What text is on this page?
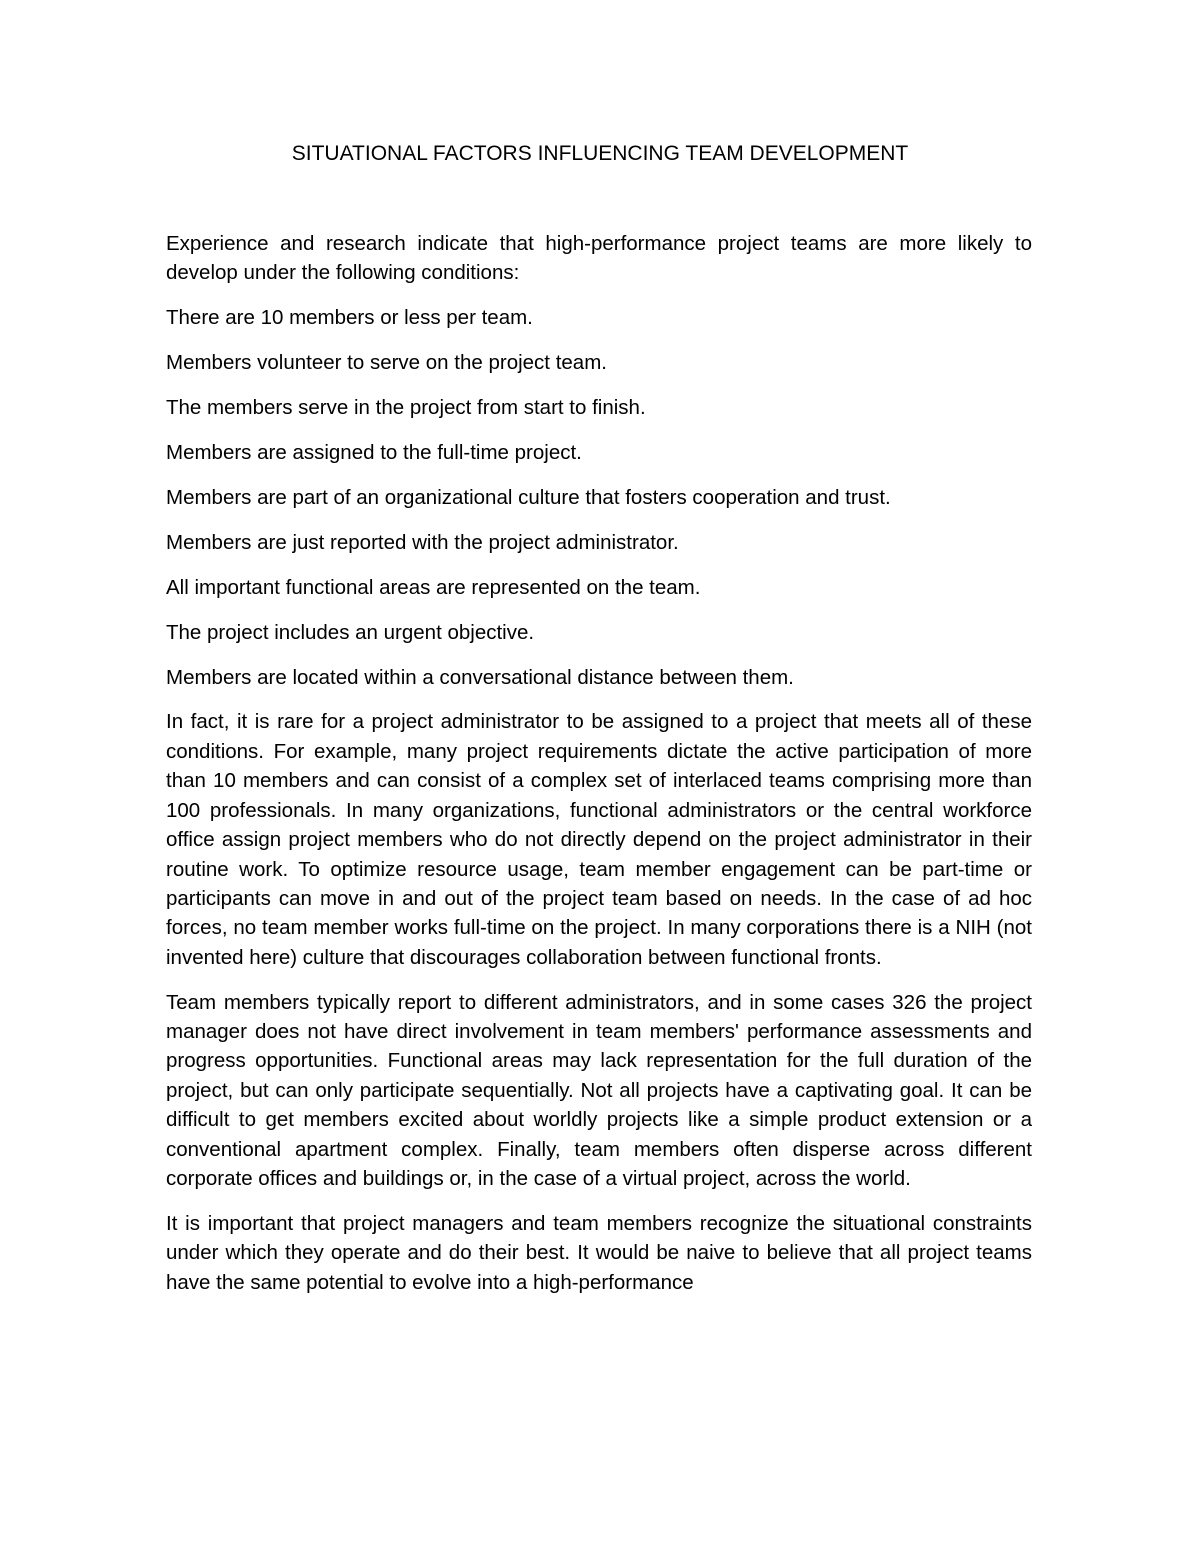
SITUATIONAL FACTORS INFLUENCING TEAM DEVELOPMENT

Experience and research indicate that high-performance project teams are more likely to develop under the following conditions:

There are 10 members or less per team.

Members volunteer to serve on the project team.

The members serve in the project from start to finish.

Members are assigned to the full-time project.

Members are part of an organizational culture that fosters cooperation and trust.

Members are just reported with the project administrator.

All important functional areas are represented on the team.

The project includes an urgent objective.

Members are located within a conversational distance between them.

In fact, it is rare for a project administrator to be assigned to a project that meets all of these conditions. For example, many project requirements dictate the active participation of more than 10 members and can consist of a complex set of interlaced teams comprising more than 100 professionals. In many organizations, functional administrators or the central workforce office assign project members who do not directly depend on the project administrator in their routine work. To optimize resource usage, team member engagement can be part-time or participants can move in and out of the project team based on needs. In the case of ad hoc forces, no team member works full-time on the project. In many corporations there is a NIH (not invented here) culture that discourages collaboration between functional fronts.

Team members typically report to different administrators, and in some cases 326 the project manager does not have direct involvement in team members' performance assessments and progress opportunities. Functional areas may lack representation for the full duration of the project, but can only participate sequentially. Not all projects have a captivating goal. It can be difficult to get members excited about worldly projects like a simple product extension or a conventional apartment complex. Finally, team members often disperse across different corporate offices and buildings or, in the case of a virtual project, across the world.

It is important that project managers and team members recognize the situational constraints under which they operate and do their best. It would be naive to believe that all project teams have the same potential to evolve into a high-performance
